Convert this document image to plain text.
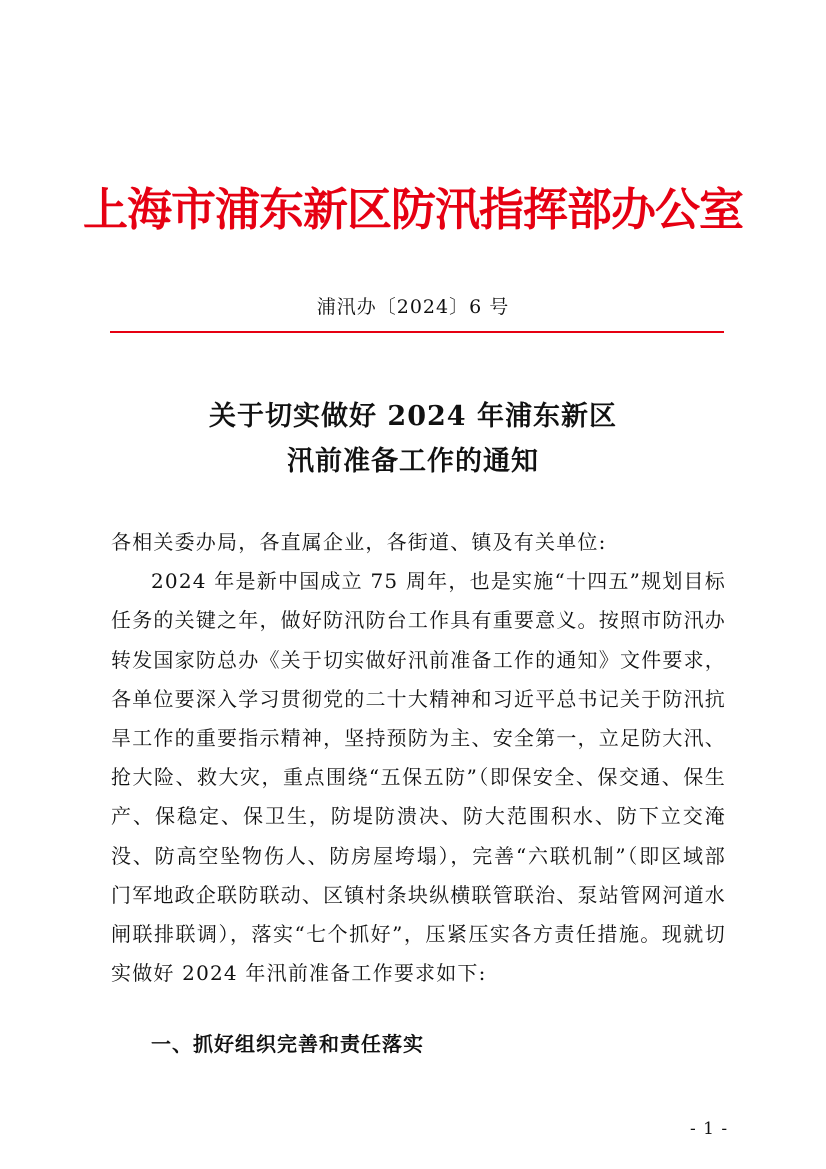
上海市浦东新区防汛指挥部办公室
浦汛办〔2024〕6 号
关于切实做好 2024 年浦东新区
汛前准备工作的通知

各相关委办局，各直属企业，各街道、镇及有关单位:

2024 年是新中国成立 75 周年，也是实施“十四五”规划目标任务的关键之年，做好防汛防台工作具有重要意义。按照市防汛办转发国家防总办《关于切实做好汛前准备工作的通知》文件要求，各单位要深入学习贯彻党的二十大精神和习近平总书记关于防汛抗旱工作的重要指示精神，坚持预防为主、安全第一，立足防大汛、抢大险、救大灾，重点围绕“五保五防”（即保安全、保交通、保生产、保稳定、保卫生，防堤防溃决、防大范围积水、防下立交淹没、防高空坠物伤人、防房屋垮塌），完善“六联机制”（即区域部门军地政企联防联动、区镇村条块纵横联管联治、泵站管网河道水闸联排联调），落实“七个抓好”，压紧压实各方责任措施。现就切实做好 2024 年汛前准备工作要求如下:

一、抓好组织完善和责任落实
- 1 -
